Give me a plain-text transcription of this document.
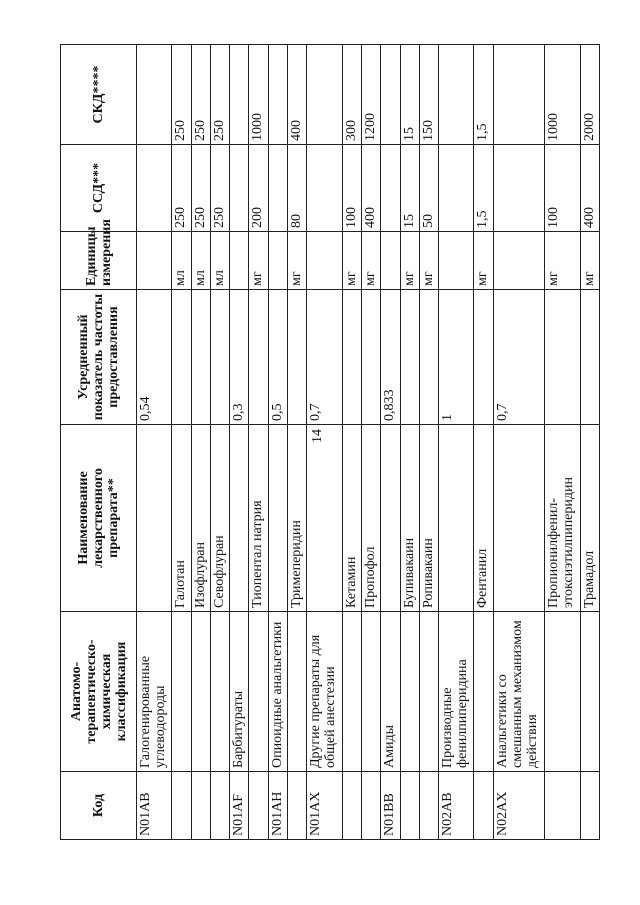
14
Код	Анатомо-терапевтическо-химическая классификация	Наименование лекарственного препарата**	Усредненный показатель частоты предоставления	Единицы измерения	ССД***	СКД****
N01AB	Галогенированные углеводороды		0,54			
		Галотан		мл	250	250
		Изофлуран		мл	250	250
		Севофлуран		мл	250	250
N01AF	Барбитураты		0,3			
		Тиопентал натрия		мг	200	1000
N01AH	Опиоидные анальгетики		0,5			
		Тримеперидин		мг	80	400
N01AX	Другие препараты для общей анестезии		0,7			
		Кетамин		мг	100	300
		Пропофол		мг	400	1200
N01BB	Амиды		0,833			
		Бупивакаин		мг	15	15
		Ропивакаин		мг	50	150
N02AB	Производные фенилпиперидина		1			
		Фентанил		мг	1,5	1,5
N02AX	Анальгетики со смешанным механизмом действия		0,7			
		Пропионилфенил-этоксиэтилпиперидин		мг	100	1000
		Трамадол		мг	400	2000
